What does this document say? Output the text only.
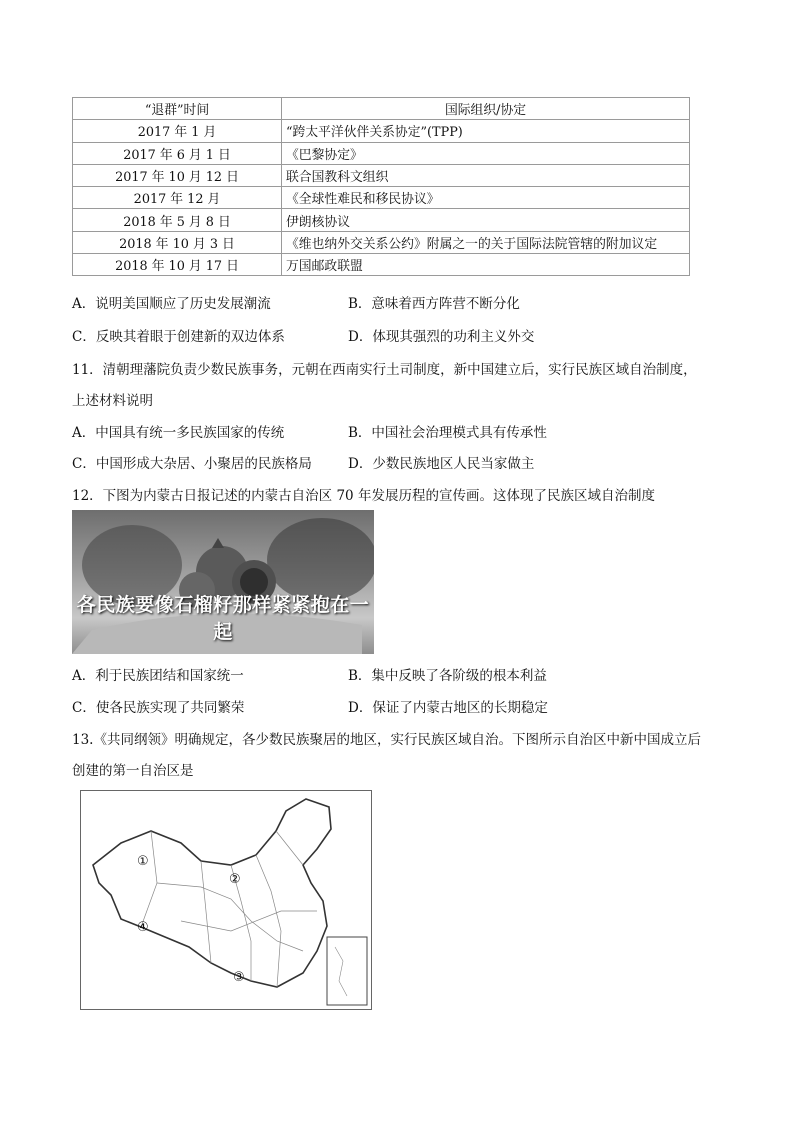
“退群”时间	国际组织/协定
2017 年 1 月	“跨太平洋伙伴关系协定”(TPP)
2017 年 6 月 1 日	《巴黎协定》
2017 年 10 月 12 日	联合国教科文组织
2017 年 12 月	《全球性难民和移民协议》
2018 年 5 月 8 日	伊朗核协议
2018 年 10 月 3 日	《维也纳外交关系公约》附属之一的关于国际法院管辖的附加议定
2018 年 10 月 17 日	万国邮政联盟
A．说明美国顺应了历史发展潮流	B．意味着西方阵营不断分化
C．反映其着眼于创建新的双边体系	D．体现其强烈的功利主义外交
11．清朝理藩院负责少数民族事务，元朝在西南实行土司制度，新中国建立后，实行民族区域自治制度，
上述材料说明
A．中国具有统一多民族国家的传统	B．中国社会治理模式具有传承性
C．中国形成大杂居、小聚居的民族格局	D．少数民族地区人民当家做主
12．下图为内蒙古日报记述的内蒙古自治区 70 年发展历程的宣传画。这体现了民族区域自治制度
各民族要像石榴籽那样紧紧抱在一起
A．利于民族团结和国家统一	B．集中反映了各阶级的根本利益
C．使各民族实现了共同繁荣	D．保证了内蒙古地区的长期稳定
13.《共同纲领》明确规定，各少数民族聚居的地区，实行民族区域自治。下图所示自治区中新中国成立后
创建的第一自治区是
①
②
③
④
